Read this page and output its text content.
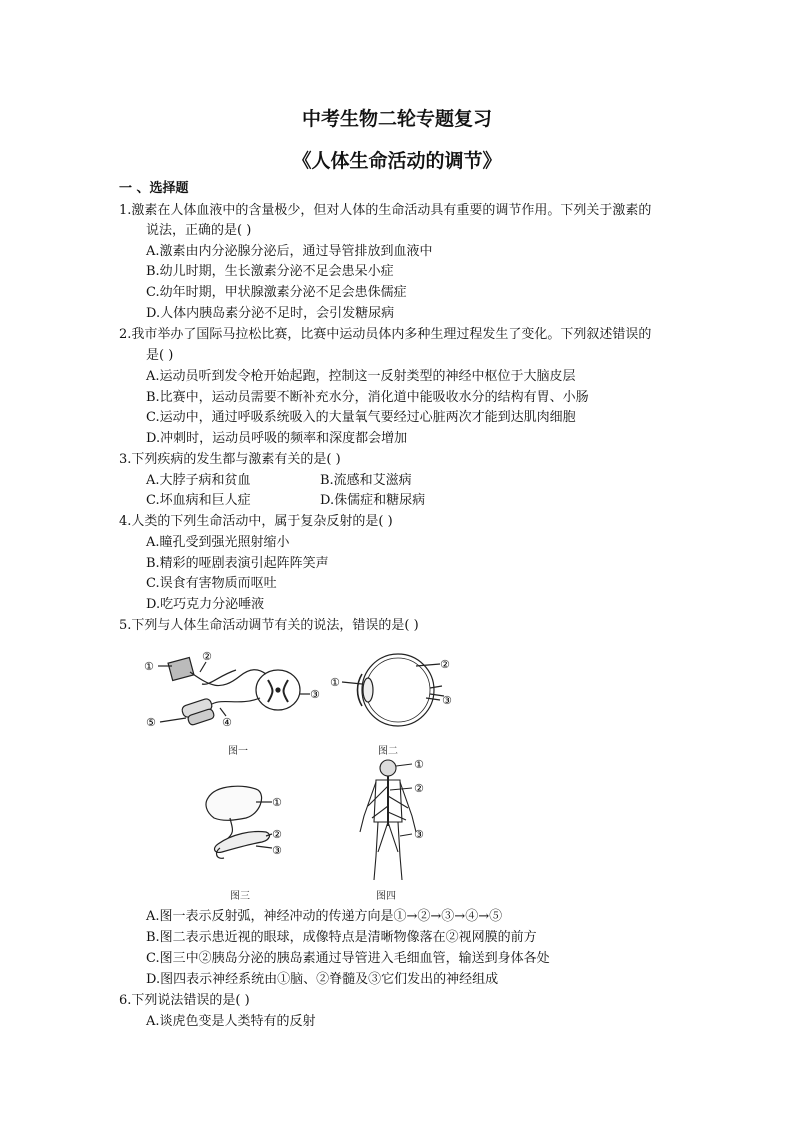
中考生物二轮专题复习
《人体生命活动的调节》
一 、选择题
1.激素在人体血液中的含量极少，但对人体的生命活动具有重要的调节作用。下列关于激素的
说法，正确的是( )
A.激素由内分泌腺分泌后，通过导管排放到血液中
B.幼儿时期，生长激素分泌不足会患呆小症
C.幼年时期，甲状腺激素分泌不足会患侏儒症
D.人体内胰岛素分泌不足时，会引发糖尿病
2.我市举办了国际马拉松比赛，比赛中运动员体内多种生理过程发生了变化。下列叙述错误的
是( )
A.运动员听到发令枪开始起跑，控制这一反射类型的神经中枢位于大脑皮层
B.比赛中，运动员需要不断补充水分，消化道中能吸收水分的结构有胃、小肠
C.运动中，通过呼吸系统吸入的大量氧气要经过心脏两次才能到达肌肉细胞
D.冲刺时，运动员呼吸的频率和深度都会增加
3.下列疾病的发生都与激素有关的是( )
A.大脖子病和贫血	B.流感和艾滋病
C.坏血病和巨人症	D.侏儒症和糖尿病
4.人类的下列生命活动中，属于复杂反射的是( )
A.瞳孔受到强光照射缩小
B.精彩的哑剧表演引起阵阵笑声
C.误食有害物质而呕吐
D.吃巧克力分泌唾液
5.下列与人体生命活动调节有关的说法，错误的是( )
①
②
③
④
⑤
图一
①
②
③
图二
①
②
③
图三
①
②
③
图四
A.图一表示反射弧，神经冲动的传递方向是①→②→③→④→⑤
B.图二表示患近视的眼球，成像特点是清晰物像落在②视网膜的前方
C.图三中②胰岛分泌的胰岛素通过导管进入毛细血管，输送到身体各处
D.图四表示神经系统由①脑、②脊髓及③它们发出的神经组成
6.下列说法错误的是( )
A.谈虎色变是人类特有的反射
